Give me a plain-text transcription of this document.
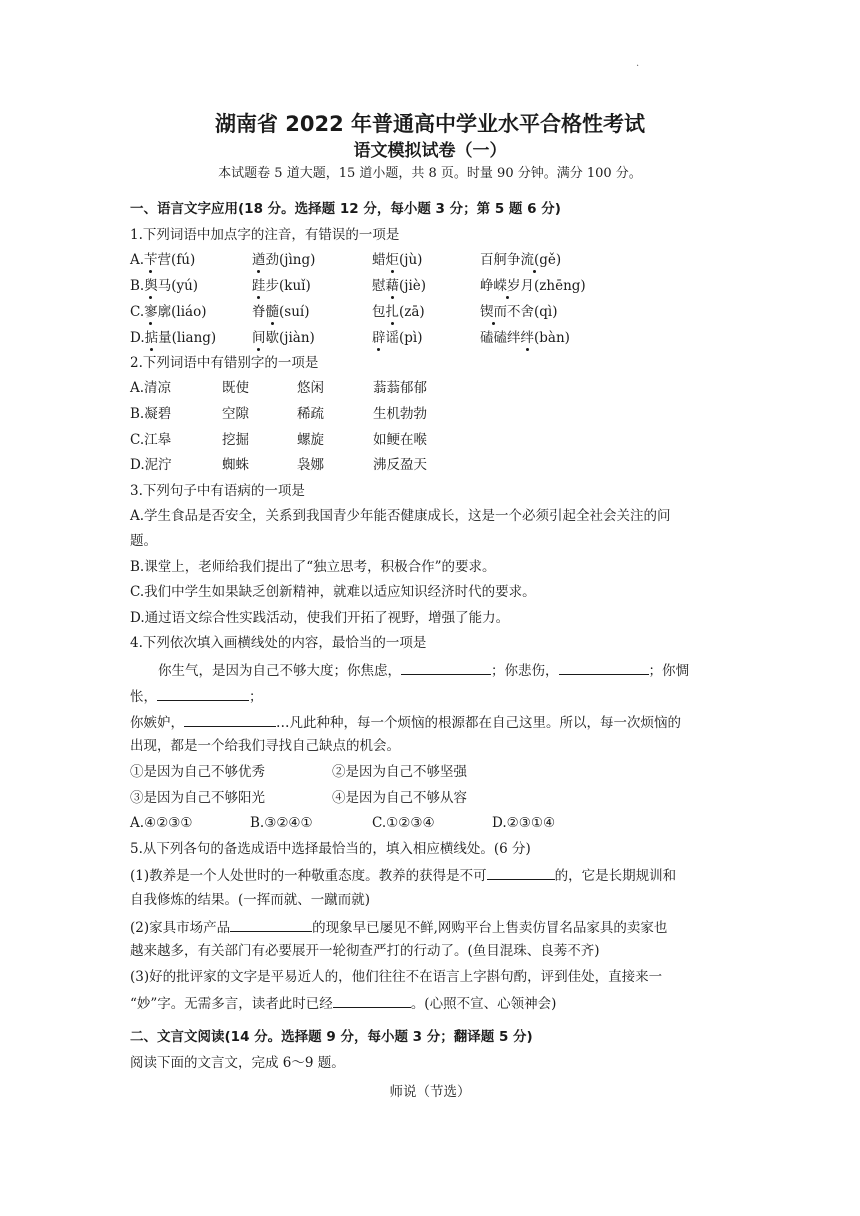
.
湖南省 2022 年普通高中学业水平合格性考试
语文模拟试卷（一）
本试题卷 5 道大题，15 道小题，共 8 页。时量 90 分钟。满分 100 分。
一、语言文字应用(18 分。选择题 12 分，每小题 3 分；第 5 题 6 分)
1.下列词语中加点字的注音，有错误的一项是
A.苄营(fú)	遒劲(jìng)	蜡炬(jù)	百舸争流(gě)
B.舆马(yú)	跬步(kuǐ)	慰藉(jiè)	峥嵘岁月(zhēng)
C.寥廓(liáo)	脊髓(suí)	包扎(zā)	锲而不舍(qì)
D.掂量(liang)	间歇(jiàn)	辟谣(pì)	磕磕绊绊(bàn)
2.下列词语中有错别字的一项是
A.清凉	既使	悠闲	蓊蓊郁郁
B.凝碧	空隙	稀疏	生机勃勃
C.江皋	挖掘	螺旋	如鲠在喉
D.泥泞	蜘蛛	袅娜	沸反盈天
3.下列句子中有语病的一项是
A.学生食品是否安全，关系到我国青少年能否健康成长，这是一个必须引起全社会关注的问
题。
B.课堂上，老师给我们提出了“独立思考，积极合作”的要求。
C.我们中学生如果缺乏创新精神，就难以适应知识经济时代的要求。
D.通过语文综合性实践活动，使我们开拓了视野，增强了能力。
4.下列依次填入画横线处的内容，最恰当的一项是
你生气，是因为自己不够大度；你焦虑，	；你悲伤，	；你惆
怅，	；
你嫉妒，	…凡此种种，每一个烦恼的根源都在自己这里。所以，每一次烦恼的
出现，都是一个给我们寻找自己缺点的机会。
①是因为自己不够优秀	②是因为自己不够坚强
③是因为自己不够阳光	④是因为自己不够从容
A.④②③①	B.③②④①	C.①②③④	D.②③①④
5.从下列各句的备选成语中选择最恰当的，填入相应横线处。(6 分)
(1)教养是一个人处世时的一种敬重态度。教养的获得是不可	的，它是长期规训和
自我修炼的结果。(一挥而就、一蹴而就)
(2)家具市场产品	的现象早已屡见不鲜,网购平台上售卖仿冒名品家具的卖家也
越来越多，有关部门有必要展开一轮彻查严打的行动了。(鱼目混珠、良莠不齐)
(3)好的批评家的文字是平易近人的，他们往往不在语言上字斟句酌，评到佳处，直接来一
“妙”字。无需多言，读者此时已经	。(心照不宣、心领神会)
二、文言文阅读(14 分。选择题 9 分，每小题 3 分；翻译题 5 分)
阅读下面的文言文，完成 6～9 题。
师说（节选）
